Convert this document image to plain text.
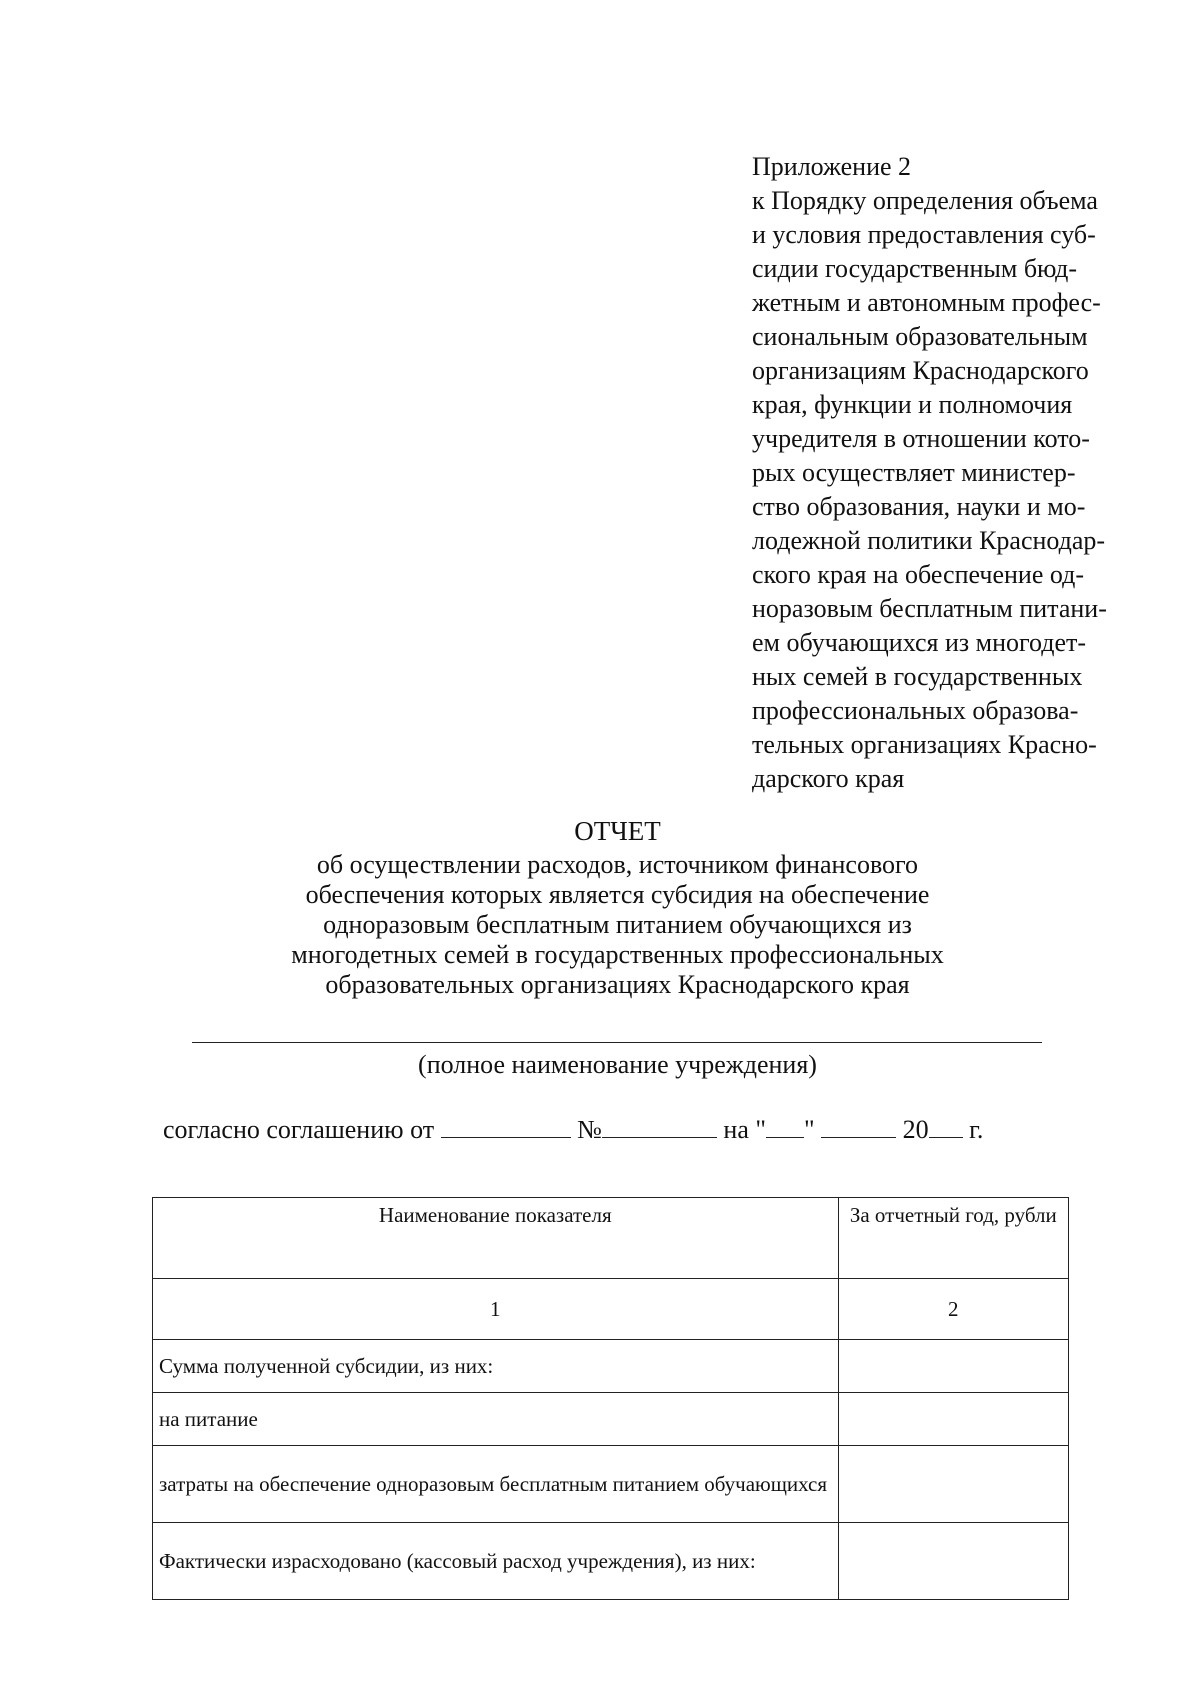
Приложение 2
к Порядку определения объема
и условия предоставления суб-
сидии государственным бюд-
жетным и автономным профес-
сиональным образовательным
организациям Краснодарского
края, функции и полномочия
учредителя в отношении кото-
рых осуществляет министер-
ство образования, науки и мо-
лодежной политики Краснодар-
ского края на обеспечение од-
норазовым бесплатным питани-
ем обучающихся из многодет-
ных семей в государственных
профессиональных образова-
тельных организациях Красно-
дарского края
ОТЧЕТ
об осуществлении расходов, источником финансового
обеспечения которых является субсидия на обеспечение
одноразовым бесплатным питанием обучающихся из
многодетных семей в государственных профессиональных
образовательных организациях Краснодарского края
(полное наименование учреждения)
согласно соглашению от	№	на " "	20 г.
Наименование показателя	За отчетный год, рубли
1	2
Сумма полученной субсидии, из них:	
на питание	
затраты на обеспечение одноразовым бесплатным питанием обучающихся	
Фактически израсходовано (кассовый расход учреждения), из них:	
